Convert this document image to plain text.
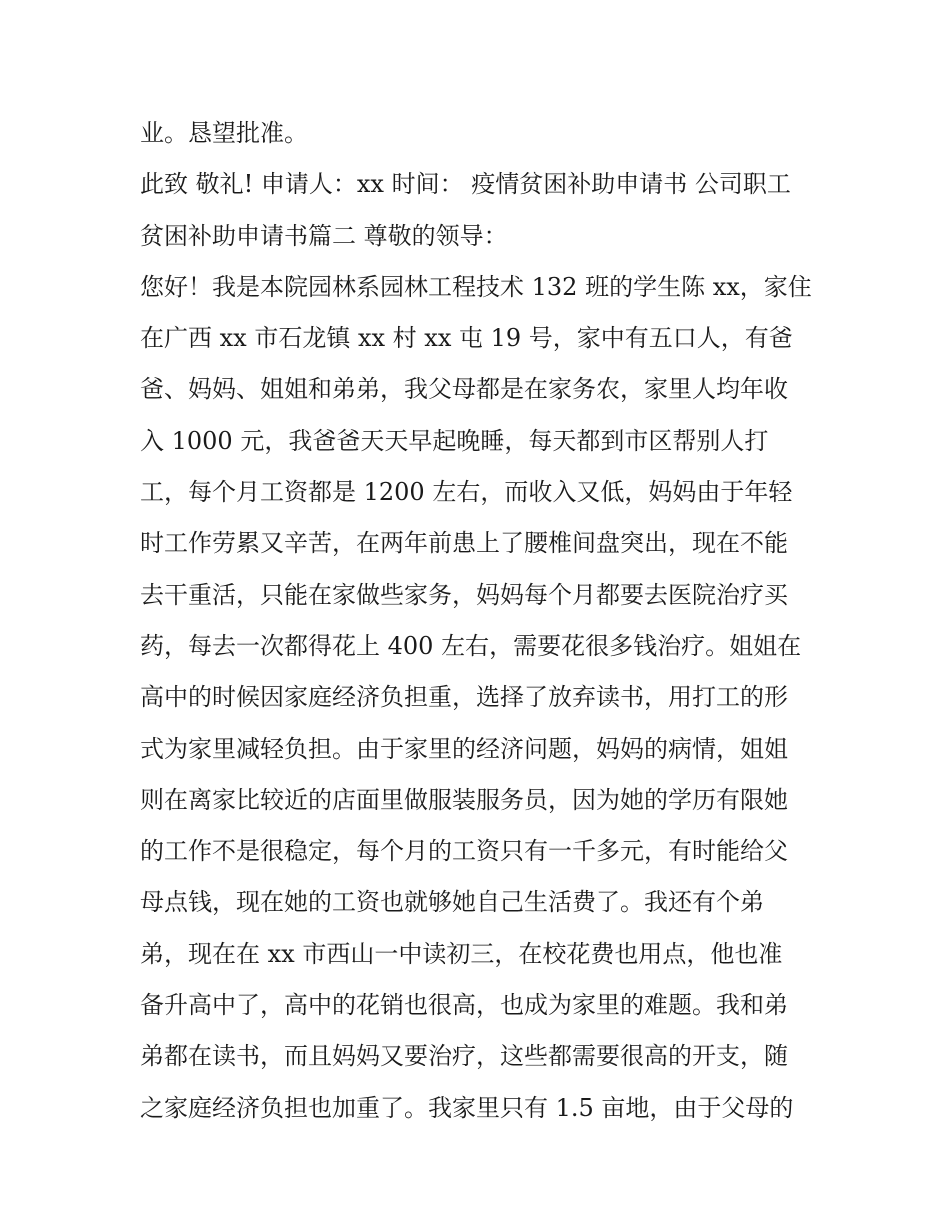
业。恳望批准。
此致 敬礼! 申请人：xx 时间： 疫情贫困补助申请书 公司职工
贫困补助申请书篇二 尊敬的领导：
您好！我是本院园林系园林工程技术 132 班的学生陈 xx，家住
在广西 xx 市石龙镇 xx 村 xx 屯 19 号，家中有五口人，有爸
爸、妈妈、姐姐和弟弟，我父母都是在家务农，家里人均年收
入 1000 元，我爸爸天天早起晚睡，每天都到市区帮别人打
工，每个月工资都是 1200 左右，而收入又低，妈妈由于年轻
时工作劳累又辛苦，在两年前患上了腰椎间盘突出，现在不能
去干重活，只能在家做些家务，妈妈每个月都要去医院治疗买
药，每去一次都得花上 400 左右，需要花很多钱治疗。姐姐在
高中的时候因家庭经济负担重，选择了放弃读书，用打工的形
式为家里减轻负担。由于家里的经济问题，妈妈的病情，姐姐
则在离家比较近的店面里做服装服务员，因为她的学历有限她
的工作不是很稳定，每个月的工资只有一千多元，有时能给父
母点钱，现在她的工资也就够她自己生活费了。我还有个弟
弟，现在在 xx 市西山一中读初三，在校花费也用点，他也准
备升高中了，高中的花销也很高，也成为家里的难题。我和弟
弟都在读书，而且妈妈又要治疗，这些都需要很高的开支，随
之家庭经济负担也加重了。我家里只有 1.5 亩地，由于父母的
